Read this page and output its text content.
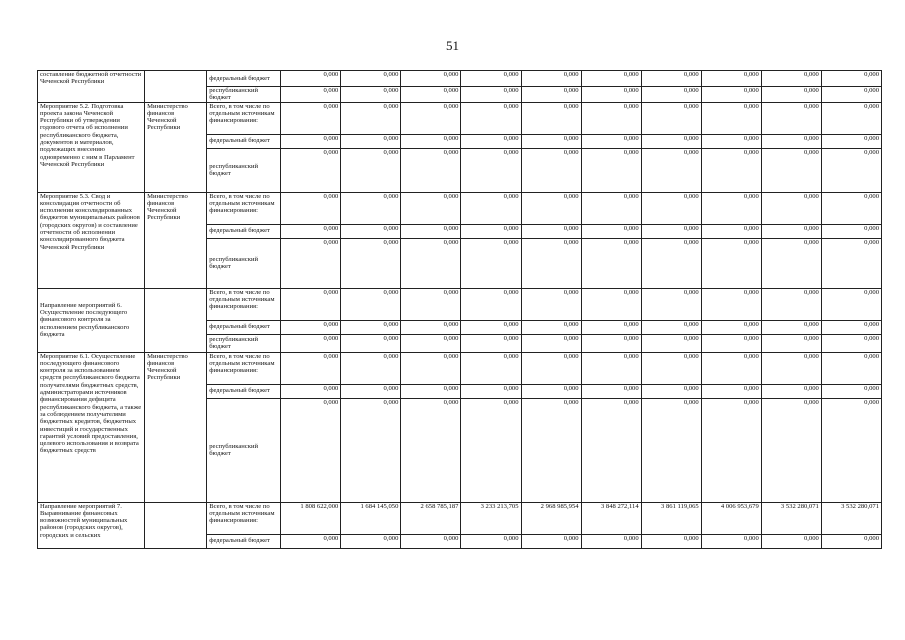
51
составление бюджетной отчетности Чеченской Республики		федеральный бюджет	0,000	0,000	0,000	0,000	0,000	0,000	0,000	0,000	0,000	0,000
		республиканский бюджет	0,000	0,000	0,000	0,000	0,000	0,000	0,000	0,000	0,000	0,000
Мероприятие 5.2. Подготовка проекта закона Чеченской Республики об утверждении годового отчета об исполнении республиканского бюджета, документов и материалов, подлежащих внесению одновременно с ним в Парламент Чеченской Республики	Министерство финансов Чеченской Республики	Всего, в том числе по отдельным источникам финансирования:	0,000	0,000	0,000	0,000	0,000	0,000	0,000	0,000	0,000	0,000
		федеральный бюджет	0,000	0,000	0,000	0,000	0,000	0,000	0,000	0,000	0,000	0,000
		республиканский бюджет	0,000	0,000	0,000	0,000	0,000	0,000	0,000	0,000	0,000	0,000
Мероприятие 5.3. Свод и консолидация отчетности об исполнении консолидированных бюджетов муниципальных районов (городских округов) и составление отчетности об исполнении консолидированного бюджета Чеченской Республики	Министерство финансов Чеченской Республики	Всего, в том числе по отдельным источникам финансирования:	0,000	0,000	0,000	0,000	0,000	0,000	0,000	0,000	0,000	0,000
		федеральный бюджет	0,000	0,000	0,000	0,000	0,000	0,000	0,000	0,000	0,000	0,000
		республиканский бюджет	0,000	0,000	0,000	0,000	0,000	0,000	0,000	0,000	0,000	0,000
Направление мероприятий 6. Осуществление последующего финансового контроля за исполнением республиканского бюджета		Всего, в том числе по отдельным источникам финансирования:	0,000	0,000	0,000	0,000	0,000	0,000	0,000	0,000	0,000	0,000
		федеральный бюджет	0,000	0,000	0,000	0,000	0,000	0,000	0,000	0,000	0,000	0,000
		республиканский бюджет	0,000	0,000	0,000	0,000	0,000	0,000	0,000	0,000	0,000	0,000
Мероприятие 6.1. Осуществление последующего финансового контроля за использованием средств республиканского бюджета получателями бюджетных средств, администраторами источников финансирования дефицита республиканского бюджета, а также за соблюдением получателями бюджетных кредитов, бюджетных инвестиций и государственных гарантий условий предоставления, целевого использования и возврата бюджетных средств	Министерство финансов Чеченской Республики	Всего, в том числе по отдельным источникам финансирования:	0,000	0,000	0,000	0,000	0,000	0,000	0,000	0,000	0,000	0,000
		федеральный бюджет	0,000	0,000	0,000	0,000	0,000	0,000	0,000	0,000	0,000	0,000
		республиканский бюджет	0,000	0,000	0,000	0,000	0,000	0,000	0,000	0,000	0,000	0,000
Направление мероприятий 7. Выравнивание финансовых возможностей муниципальных районов (городских округов), городских и сельских		Всего, в том числе по отдельным источникам финансирования:	1 808 622,000	1 684 145,050	2 658 785,187	3 233 213,705	2 968 985,954	3 848 272,114	3 861 119,065	4 006 953,679	3 532 280,071	3 532 280,071
		федеральный бюджет	0,000	0,000	0,000	0,000	0,000	0,000	0,000	0,000	0,000	0,000
